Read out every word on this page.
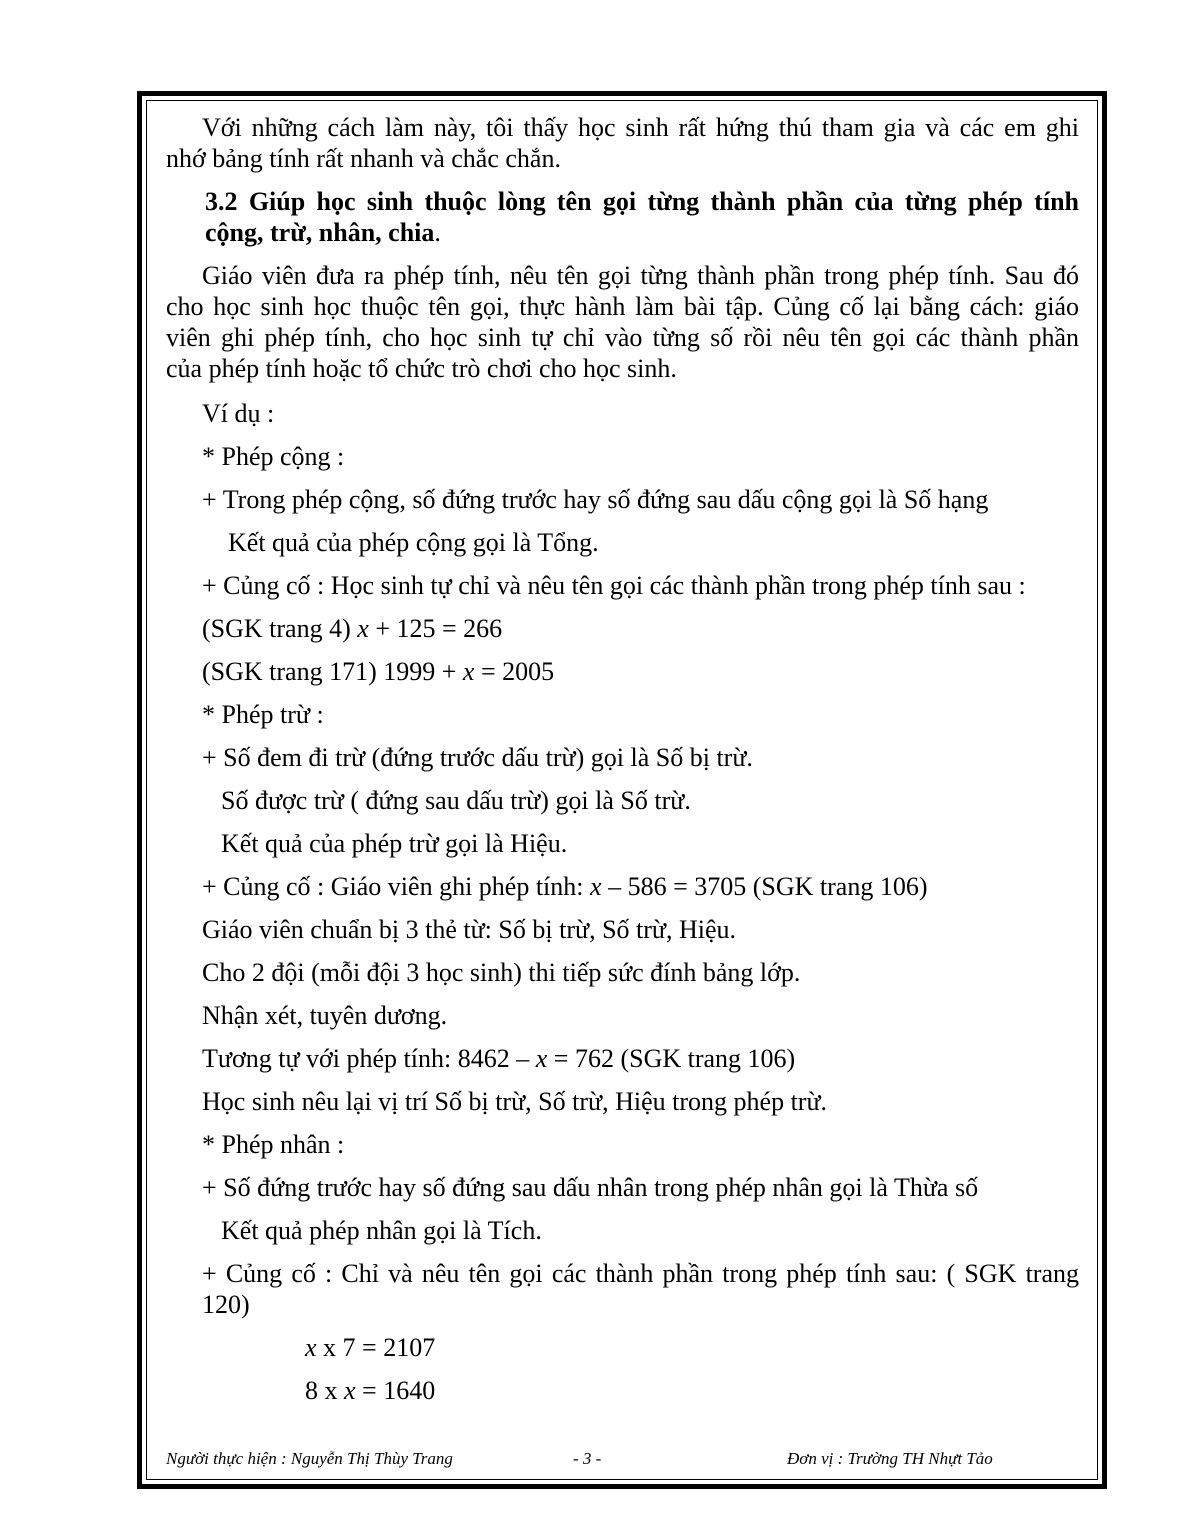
Với những cách làm này, tôi thấy học sinh rất hứng thú tham gia và các em ghi
nhớ bảng tính rất nhanh và chắc chắn.
3.2 Giúp học sinh thuộc lòng tên gọi từng thành phần của từng phép tính
cộng, trừ, nhân, chia.
Giáo viên đưa ra phép tính, nêu tên gọi từng thành phần trong phép tính. Sau đó
cho học sinh học thuộc tên gọi, thực hành làm bài tập. Củng cố lại bằng cách: giáo
viên ghi phép tính, cho học sinh tự chỉ vào từng số rồi nêu tên gọi các thành phần
của phép tính hoặc tổ chức trò chơi cho học sinh.
Ví dụ :
* Phép cộng :
+ Trong phép cộng, số đứng trước hay số đứng sau dấu cộng gọi là Số hạng
Kết quả của phép cộng gọi là Tổng.
+ Củng cố : Học sinh tự chỉ và nêu tên gọi các thành phần trong phép tính sau :
(SGK trang 4) x + 125 = 266
(SGK trang 171) 1999 + x = 2005
* Phép trừ :
+ Số đem đi trừ (đứng trước dấu trừ) gọi là Số bị trừ.
Số được trừ ( đứng sau dấu trừ) gọi là Số trừ.
Kết quả của phép trừ gọi là Hiệu.
+ Củng cố : Giáo viên ghi phép tính: x – 586 = 3705 (SGK trang 106)
Giáo viên chuẩn bị 3 thẻ từ: Số bị trừ, Số trừ, Hiệu.
Cho 2 đội (mỗi đội 3 học sinh) thi tiếp sức đính bảng lớp.
Nhận xét, tuyên dương.
Tương tự với phép tính: 8462 – x = 762 (SGK trang 106)
Học sinh nêu lại vị trí Số bị trừ, Số trừ, Hiệu trong phép trừ.
* Phép nhân :
+ Số đứng trước hay số đứng sau dấu nhân trong phép nhân gọi là Thừa số
Kết quả phép nhân gọi là Tích.
+ Củng cố : Chỉ và nêu tên gọi các thành phần trong phép tính sau: ( SGK trang
120)
x x 7 = 2107
8 x x = 1640
Người thực hiện : Nguyễn Thị Thùy Trang	- 3 -	Đơn vị : Trường TH Nhựt Tảo
